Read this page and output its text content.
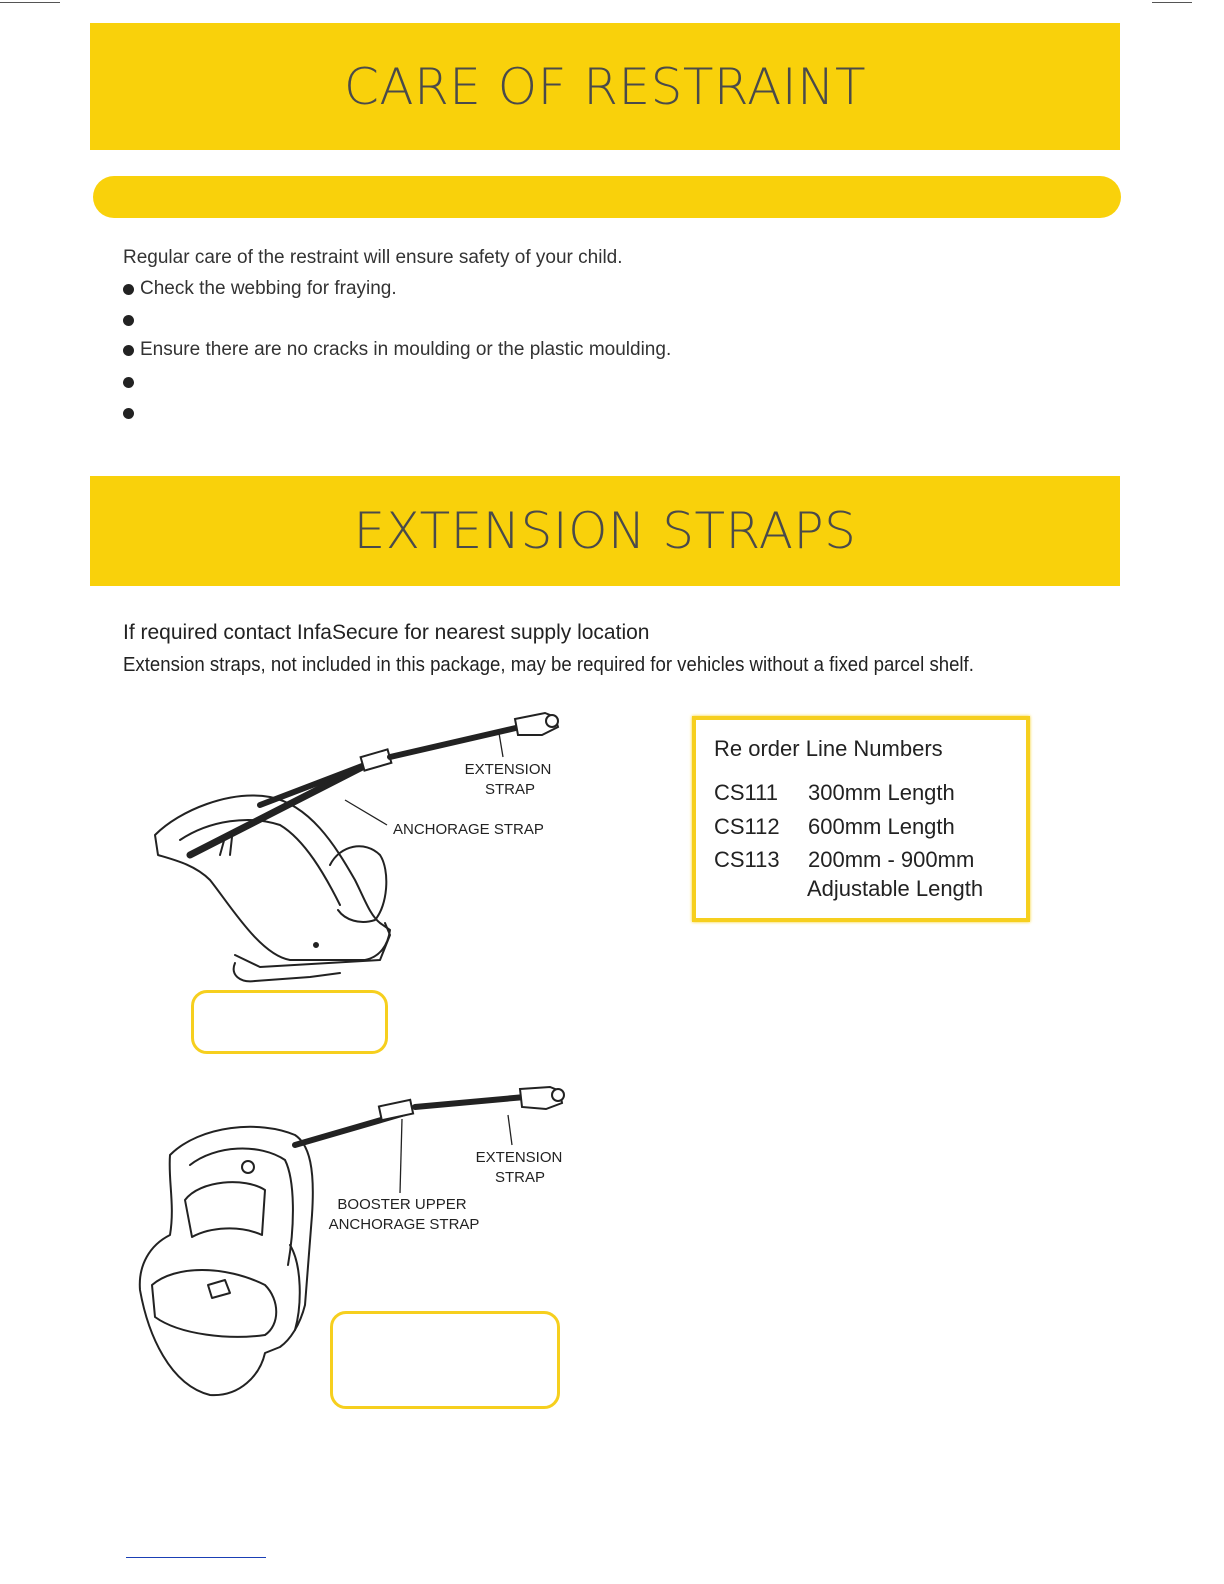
CARE OF RESTRAINT

Regular care of the restraint will ensure safety of your child.

Check the webbing for fraying.
Ensure there are no cracks in moulding or the plastic moulding.
EXTENSION STRAPS

If required contact InfaSecure for nearest supply location

Extension straps, not included in this package, may be required for vehicles without a fixed parcel shelf.

Re order Line Numbers

CS111 300mm Length
CS112 600mm Length
CS113 200mm - 900mm
Adjustable Length
EXTENSION
STRAP
ANCHORAGE STRAP
EXTENSION
STRAP
BOOSTER UPPER
ANCHORAGE STRAP
